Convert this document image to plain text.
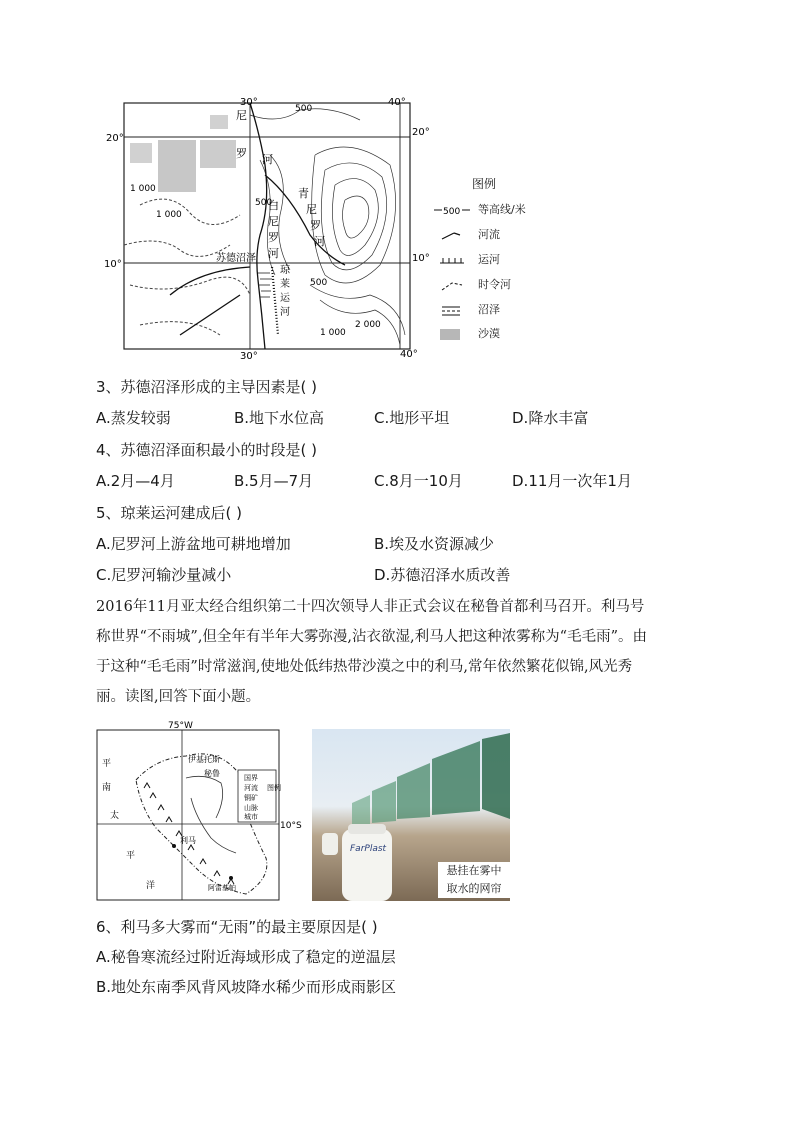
30°	40°
20°
20°
10°
10°
30°	40°
1 000
1 000
500
500
500
2 000
1 000
尼
罗 河
白
尼
罗
河
青
尼
罗
河
苏德沼泽
琼
莱
运
河
图例
500 等高线/米
河流
运河
时令河
沼泽
沙漠
3、苏德沼泽形成的主导因素是( )
A.蒸发较弱	B.地下水位高	C.地形平坦	D.降水丰富
4、苏德沼泽面积最小的时段是( )
A.2月—4月	B.5月—7月	C.8月一10月	D.11月一次年1月
5、琼莱运河建成后( )
A.尼罗河上游盆地可耕地增加	B.埃及水资源减少
C.尼罗河输沙量减小	D.苏德沼泽水质改善

2016年11月亚太经合组织第二十四次领导人非正式会议在秘鲁首都利马召开。利马号

称世界“不雨城”,但全年有半年大雾弥漫,沾衣欲湿,利马人把这种浓雾称为“毛毛雨”。由

于这种“毛毛雨”时常滋润,使地处低纬热带沙漠之中的利马,常年依然繁花似锦,风光秀

丽。读图,回答下面小题。

75°W
10°S
南
平
太
平
洋
伊基托斯
秘鲁
利马
阿雷基帕
国界
河流
铜矿
山脉
城市
图例
FarPlast
悬挂在雾中
取水的网帘
6、利马多大雾而“无雨”的最主要原因是( )
A.秘鲁寒流经过附近海域形成了稳定的逆温层
B.地处东南季风背风坡降水稀少而形成雨影区
